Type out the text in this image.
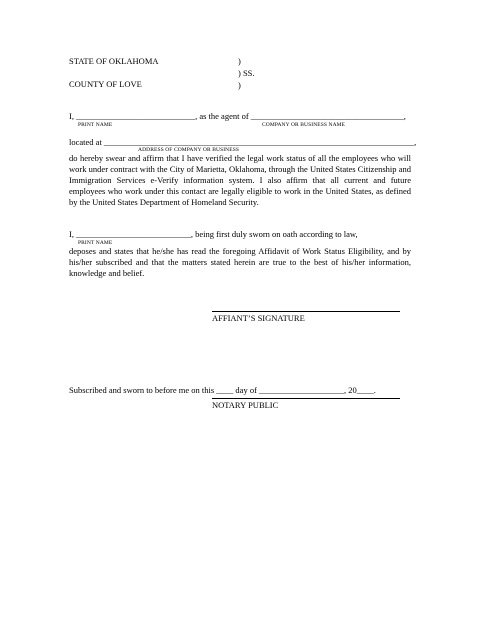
STATE OF OKLAHOMA
COUNTY OF LOVE
)
) SS.
)
I, ____________________________, as the agent of ____________________________________,
PRINT NAME	COMPANY OR BUSINESS NAME
located at _________________________________________________________________________,
ADDRESS OF COMPANY OR BUSINESS
do hereby swear and affirm that I have verified the legal work status of all the employees who will work under contract with the City of Marietta, Oklahoma, through the United States Citizenship and Immigration Services e-Verify information system. I also affirm that all current and future employees who work under this contact are legally eligible to work in the United States, as defined by the United States Department of Homeland Security.
I, ___________________________, being first duly sworn on oath according to law,
PRINT NAME
deposes and states that he/she has read the foregoing Affidavit of Work Status Eligibility, and by his/her subscribed and that the matters stated herein are true to the best of his/her information, knowledge and belief.
AFFIANT’S SIGNATURE
Subscribed and sworn to before me on this ____ day of ____________________, 20____.
NOTARY PUBLIC
